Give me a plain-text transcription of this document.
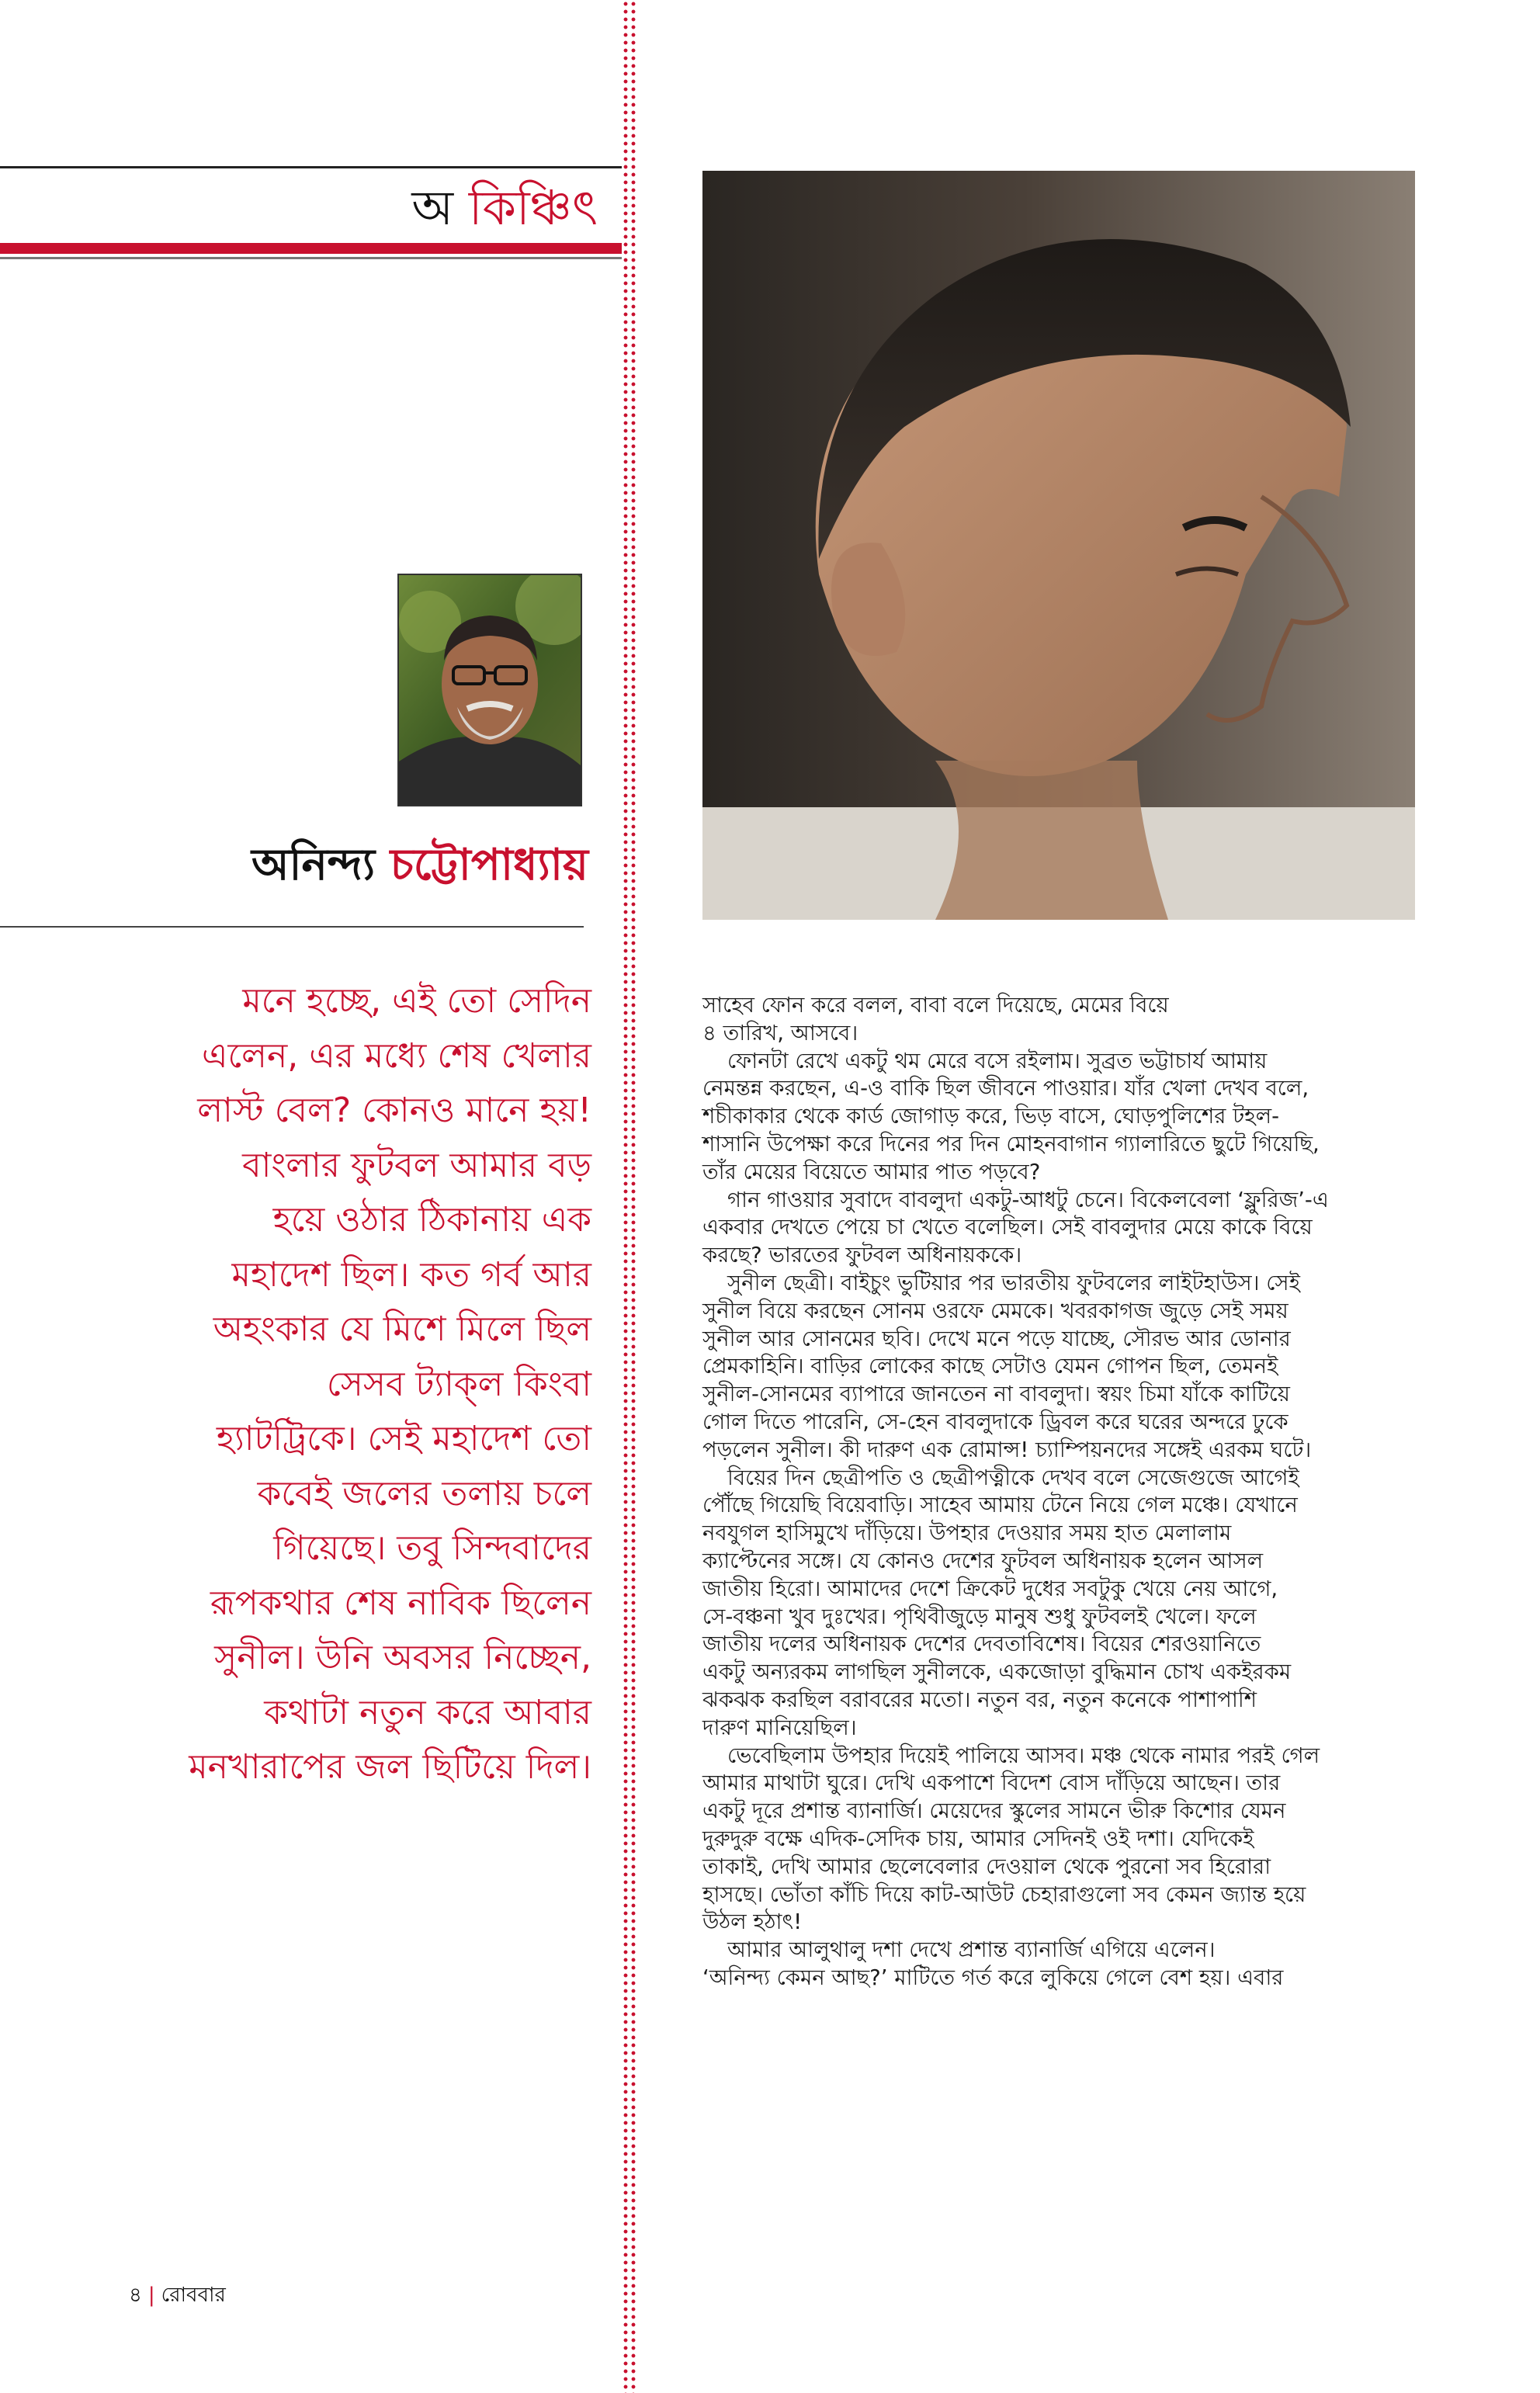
অ কিঞ্চিৎ
অনিন্দ্য চট্টোপাধ্যায়
মনে হচ্ছে, এই তো সেদিন
এলেন, এর মধ্যে শেষ খেলার
লাস্ট বেল? কোনও মানে হয়!
বাংলার ফুটবল আমার বড়
হয়ে ওঠার ঠিকানায় এক
মহাদেশ ছিল। কত গর্ব আর
অহংকার যে মিশে মিলে ছিল
সেসব ট্যাক্‌ল কিংবা
হ্যাটট্রিকে। সেই মহাদেশ তো
কবেই জলের তলায় চলে
গিয়েছে। তবু সিন্দবাদের
রূপকথার শেষ নাবিক ছিলেন
সুনীল। উনি অবসর নিচ্ছেন,
কথাটা নতুন করে আবার
মনখারাপের জল ছিটিয়ে দিল।
৪ | রোববার
সাহেব ফোন করে বলল, বাবা বলে দিয়েছে, মেমের বিয়ে
৪ তারিখ, আসবে।
ফোনটা রেখে একটু থম মেরে বসে রইলাম। সুব্রত ভট্টাচার্য আমায়
নেমন্তন্ন করছেন, এ-ও বাকি ছিল জীবনে পাওয়ার। যাঁর খেলা দেখব বলে,
শচীকাকার থেকে কার্ড জোগাড় করে, ভিড় বাসে, ঘোড়পুলিশের টহল-
শাসানি উপেক্ষা করে দিনের পর দিন মোহনবাগান গ্যালারিতে ছুটে গিয়েছি,
তাঁর মেয়ের বিয়েতে আমার পাত পড়বে?
গান গাওয়ার সুবাদে বাবলুদা একটু-আধটু চেনে। বিকেলবেলা ‘ফ্লুরিজ’-এ
একবার দেখতে পেয়ে চা খেতে বলেছিল। সেই বাবলুদার মেয়ে কাকে বিয়ে
করছে? ভারতের ফুটবল অধিনায়ককে।
সুনীল ছেত্রী। বাইচুং ভুটিয়ার পর ভারতীয় ফুটবলের লাইটহাউস। সেই
সুনীল বিয়ে করছেন সোনম ওরফে মেমকে। খবরকাগজ জুড়ে সেই সময়
সুনীল আর সোনমের ছবি। দেখে মনে পড়ে যাচ্ছে, সৌরভ আর ডোনার
প্রেমকাহিনি। বাড়ির লোকের কাছে সেটাও যেমন গোপন ছিল, তেমনই
সুনীল-সোনমের ব্যাপারে জানতেন না বাবলুদা। স্বয়ং চিমা যাঁকে কাটিয়ে
গোল দিতে পারেনি, সে-হেন বাবলুদাকে ড্রিবল করে ঘরের অন্দরে ঢুকে
পড়লেন সুনীল। কী দারুণ এক রোমান্স! চ্যাম্পিয়নদের সঙ্গেই এরকম ঘটে।
বিয়ের দিন ছেত্রীপতি ও ছেত্রীপত্নীকে দেখব বলে সেজেগুজে আগেই
পৌঁছে গিয়েছি বিয়েবাড়ি। সাহেব আমায় টেনে নিয়ে গেল মঞ্চে। যেখানে
নবযুগল হাসিমুখে দাঁড়িয়ে। উপহার দেওয়ার সময় হাত মেলালাম
ক্যাপ্টেনের সঙ্গে। যে কোনও দেশের ফুটবল অধিনায়ক হলেন আসল
জাতীয় হিরো। আমাদের দেশে ক্রিকেট দুধের সবটুকু খেয়ে নেয় আগে,
সে-বঞ্চনা খুব দুঃখের। পৃথিবীজুড়ে মানুষ শুধু ফুটবলই খেলে। ফলে
জাতীয় দলের অধিনায়ক দেশের দেবতাবিশেষ। বিয়ের শেরওয়ানিতে
একটু অন্যরকম লাগছিল সুনীলকে, একজোড়া বুদ্ধিমান চোখ একইরকম
ঝকঝক করছিল বরাবরের মতো। নতুন বর, নতুন কনেকে পাশাপাশি
দারুণ মানিয়েছিল।
ভেবেছিলাম উপহার দিয়েই পালিয়ে আসব। মঞ্চ থেকে নামার পরই গেল
আমার মাথাটা ঘুরে। দেখি একপাশে বিদেশ বোস দাঁড়িয়ে আছেন। তার
একটু দূরে প্রশান্ত ব্যানার্জি। মেয়েদের স্কুলের সামনে ভীরু কিশোর যেমন
দুরুদুরু বক্ষে এদিক-সেদিক চায়, আমার সেদিনই ওই দশা। যেদিকেই
তাকাই, দেখি আমার ছেলেবেলার দেওয়াল থেকে পুরনো সব হিরোরা
হাসছে। ভোঁতা কাঁচি দিয়ে কাট-আউট চেহারাগুলো সব কেমন জ্যান্ত হয়ে
উঠল হঠাৎ!
আমার আলুথালু দশা দেখে প্রশান্ত ব্যানার্জি এগিয়ে এলেন।
‘অনিন্দ্য কেমন আছ?’ মাটিতে গর্ত করে লুকিয়ে গেলে বেশ হয়। এবার
